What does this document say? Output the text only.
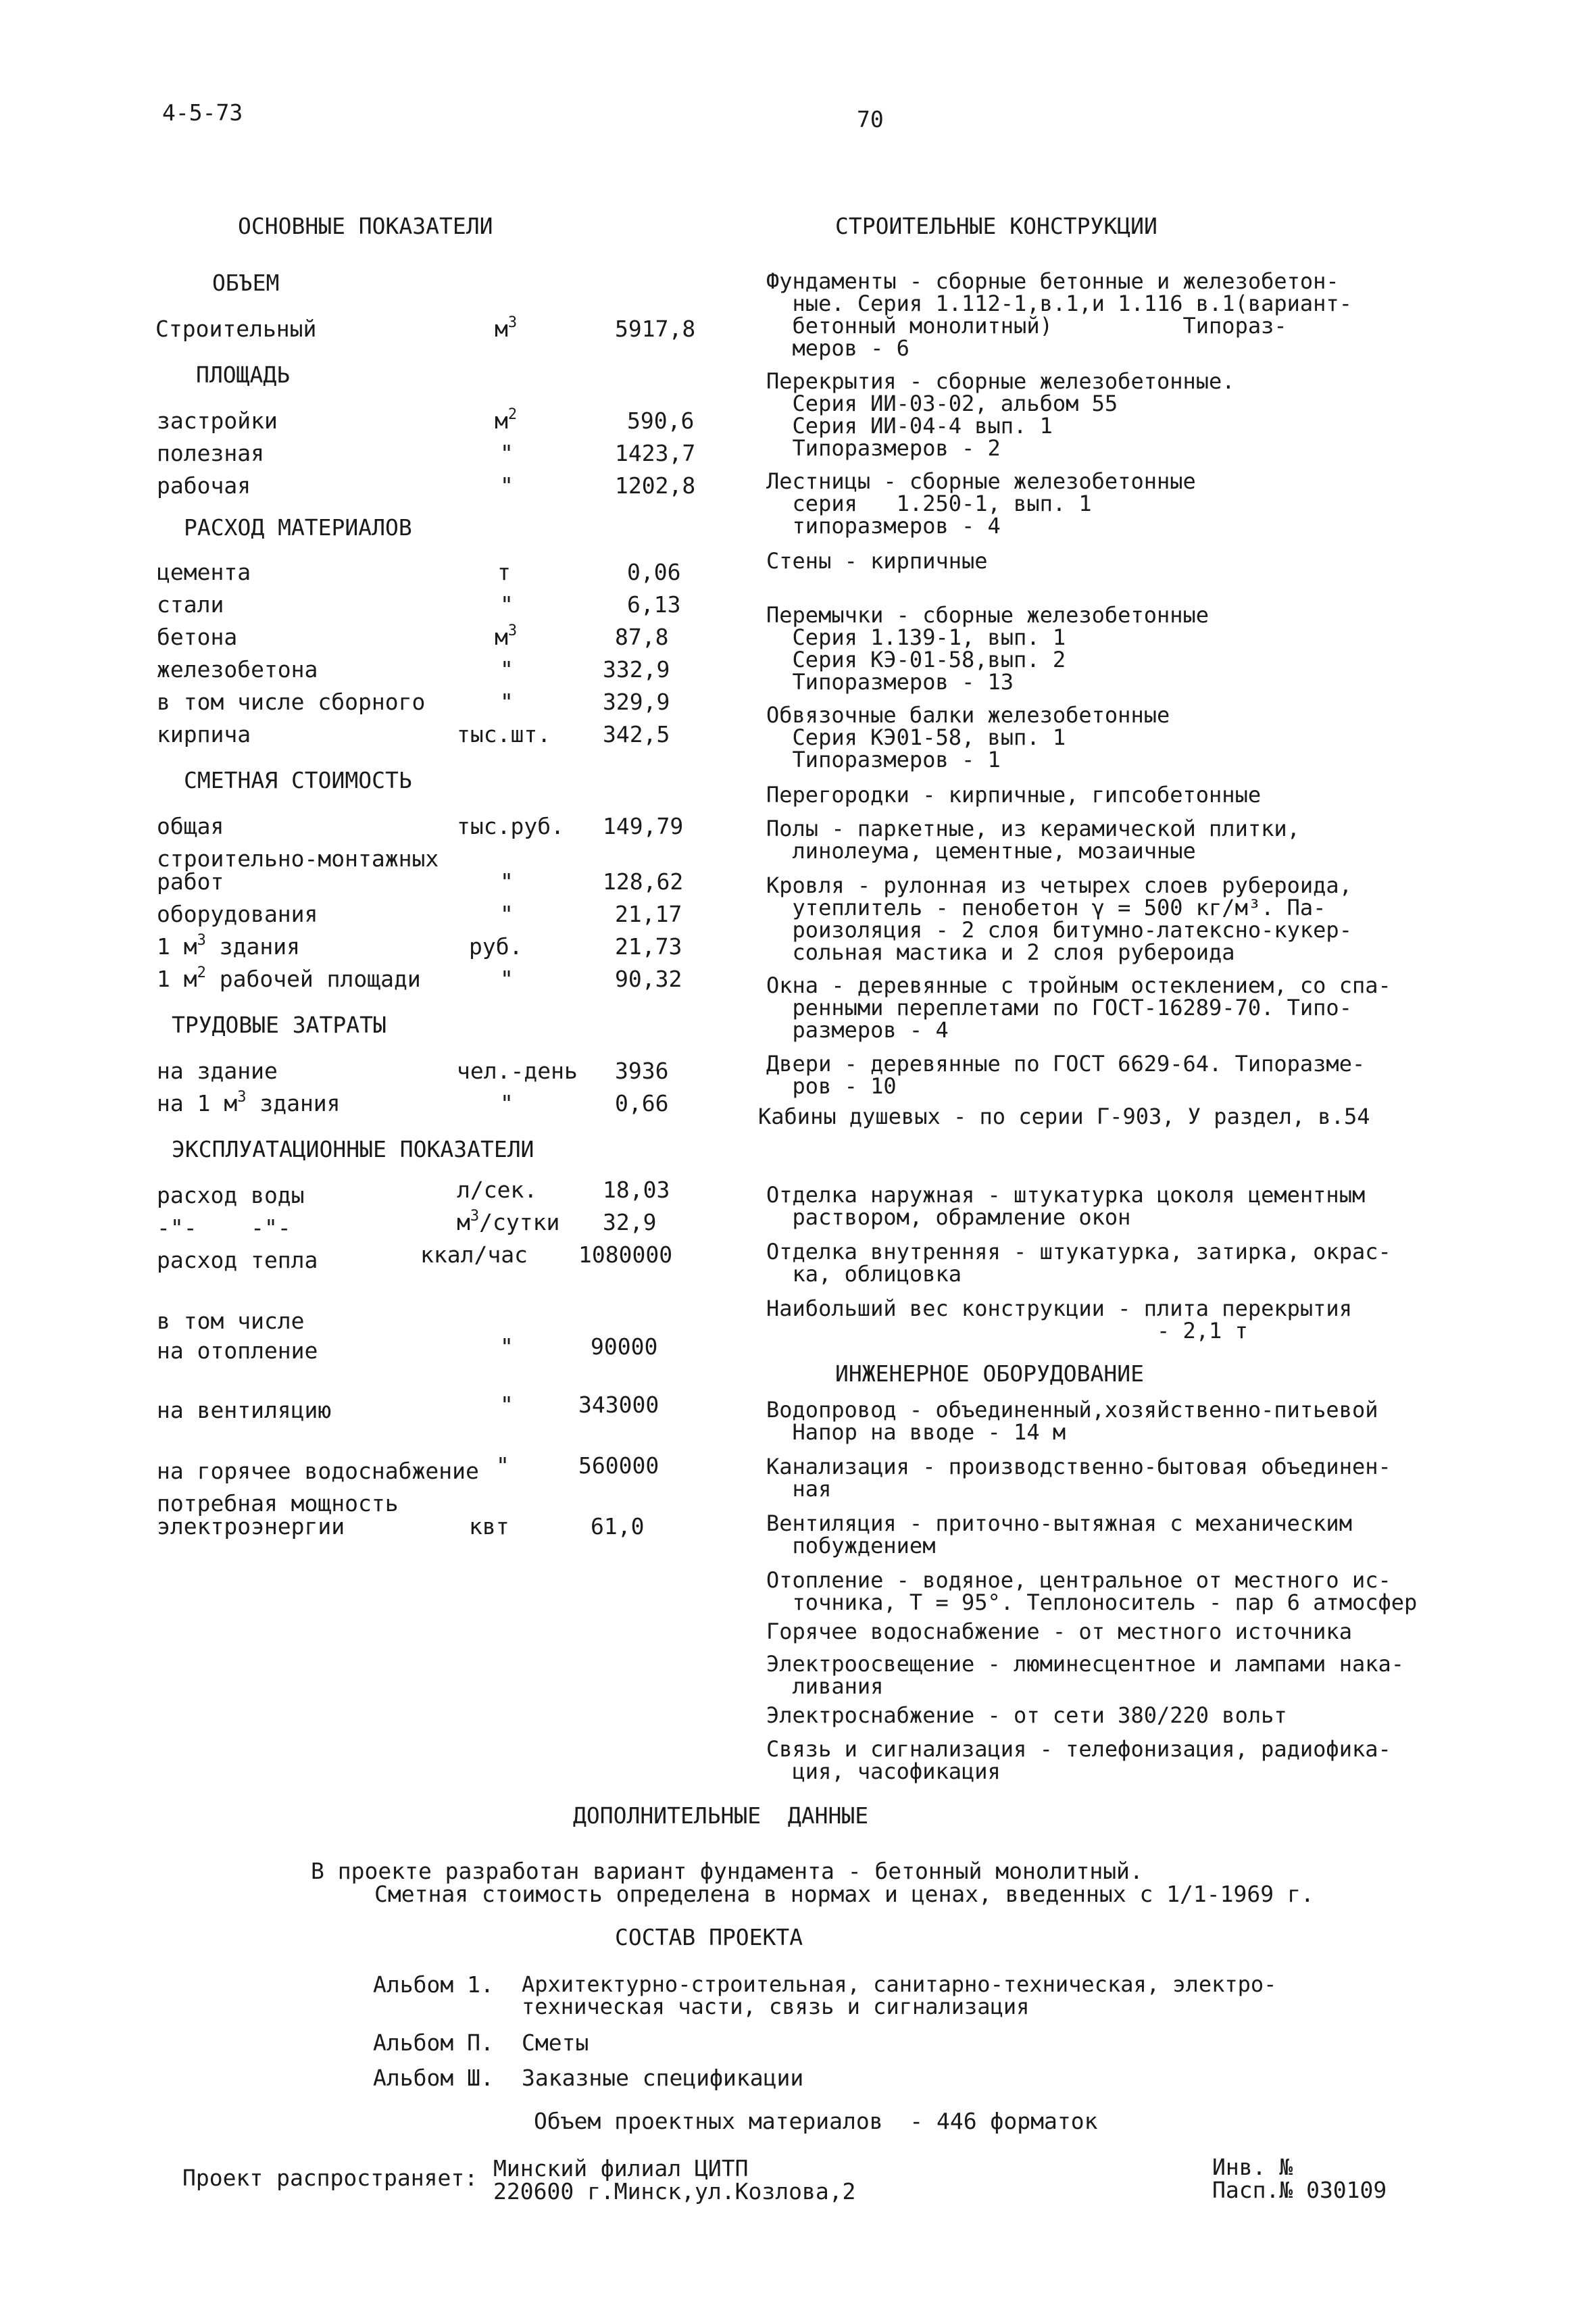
4-5-73	70
ОСНОВНЫЕ ПОКАЗАТЕЛИ
ОБЪЕМ
Строительный	$м^3$	5917,8
ПЛОЩАДЬ
застройки	$м^2$	590,6
полезная	"	1423,7
рабочая	"	1202,8
РАСХОД МАТЕРИАЛОВ
цемента	т	0,06
стали	"	6,13
бетона	$м^3$	87,8
железобетона	"	332,9
в том числе сборного	"	329,9
кирпича	тыс.шт. 342,5
СМЕТНАЯ СТОИМОСТЬ
общая	тыс.руб. 149,79
строительно-монтажных
работ	"	128,62
оборудования	"	21,17
1 $м^3$ здания	руб.	21,73
1 $м^2$ рабочей площади	"	90,32
ТРУДОВЫЕ ЗАТРАТЫ
на здание	чел.-день 3936
на 1 $м^3$ здания	"	0,66
ЭКСПЛУАТАЦИОННЫЕ ПОКАЗАТЕЛИ
расход воды	л/сек.	18,03
-"-    -"-	$м^3$/сутки 32,9
расход тепла	ккал/час 1080000
в том числе
на отопление	"	90000
на вентиляцию	"	343000
на горячее водоснабжение "	560000
потребная мощность
электроэнергии	квт	61,0
СТРОИТЕЛЬНЫЕ КОНСТРУКЦИИ
Фундаменты - сборные бетонные и железобетон-
ные. Серия 1.112-1,в.1,и 1.116 в.1(вариант-
бетонный монолитный)          Типораз-
меров - 6
Перекрытия - сборные железобетонные.
Серия ИИ-03-02, альбом 55
Серия ИИ-04-4 вып. 1
Типоразмеров - 2
Лестницы - сборные железобетонные
серия   1.250-1, вып. 1
типоразмеров - 4
Стены - кирпичные
Перемычки - сборные железобетонные
Серия 1.139-1, вып. 1
Серия КЭ-01-58,вып. 2
Типоразмеров - 13
Обвязочные балки железобетонные
Серия КЭ01-58, вып. 1
Типоразмеров - 1
Перегородки - кирпичные, гипсобетонные
Полы - паркетные, из керамической плитки,
линолеума, цементные, мозаичные
Кровля - рулонная из четырех слоев рубероида,
утеплитель - пенобетон γ = 500 кг/м³. Па-
роизоляция - 2 слоя битумно-латексно-кукер-
сольная мастика и 2 слоя рубероида
Окна - деревянные с тройным остеклением, со спа-
ренными переплетами по ГОСТ-16289-70. Типо-
размеров - 4
Двери - деревянные по ГОСТ 6629-64. Типоразме-
ров - 10
Кабины душевых - по серии Г-903, У раздел, в.54
Отделка наружная - штукатурка цоколя цементным
раствором, обрамление окон
Отделка внутренняя - штукатурка, затирка, окрас-
ка, облицовка
Наибольший вес конструкции - плита перекрытия
- 2,1 т
ИНЖЕНЕРНОЕ ОБОРУДОВАНИЕ
Водопровод - объединенный,хозяйственно-питьевой
Напор на вводе - 14 м
Канализация - производственно-бытовая объединен-
ная
Вентиляция - приточно-вытяжная с механическим
побуждением
Отопление - водяное, центральное от местного ис-
точника, Т = 95°. Теплоноситель - пар 6 атмосфер
Горячее водоснабжение - от местного источника
Электроосвещение - люминесцентное и лампами нака-
ливания
Электроснабжение - от сети 380/220 вольт
Связь и сигнализация - телефонизация, радиофика-
ция, часофикация
ДОПОЛНИТЕЛЬНЫЕ  ДАННЫЕ
В проекте разработан вариант фундамента - бетонный монолитный.
Сметная стоимость определена в нормах и ценах, введенных с 1/1-1969 г.
СОСТАВ ПРОЕКТА
Альбом 1. Архитектурно-строительная, санитарно-техническая, электро-
техническая части, связь и сигнализация
Альбом П. Сметы
Альбом Ш. Заказные спецификации
Объем проектных материалов  - 446 форматок
Проект распространяет: Минский филиал ЦИТП
220600 г.Минск,ул.Козлова,2
Инв. №
Пасп.№ 030109
